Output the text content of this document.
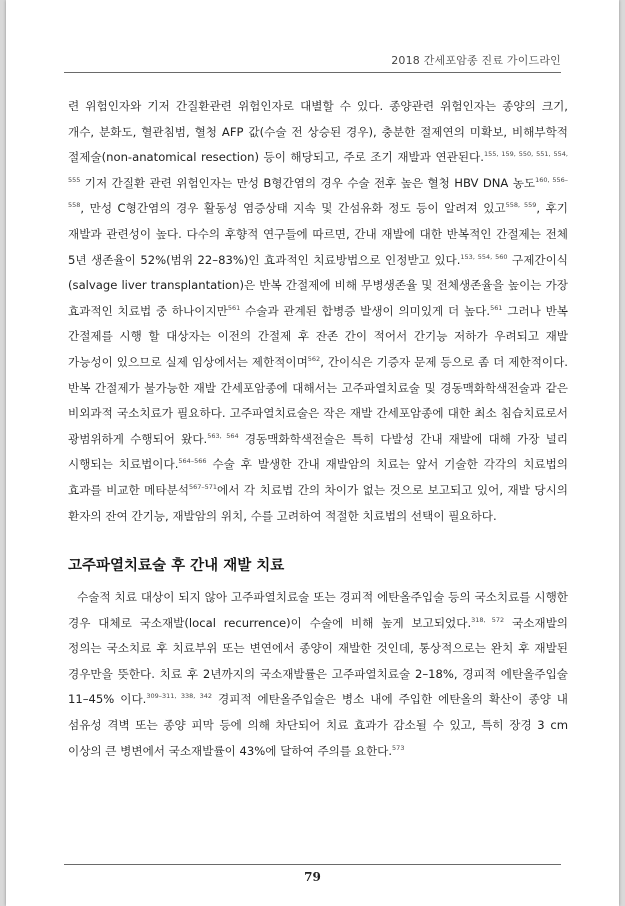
2018 간세포암종 진료 가이드라인

련 위험인자와 기저 간질환관련 위험인자로 대별할 수 있다. 종양관련 위험인자는 종양의 크기, 개수, 분화도, 혈관침범, 혈청 AFP 값(수술 전 상승된 경우), 충분한 절제연의 미확보, 비해부학적 절제술(non-anatomical resection) 등이 해당되고, 주로 조기 재발과 연관된다.$^{155, 159, 550, 551, 554, 555}$ 기저 간질환 관련 위험인자는 만성 B형간염의 경우 수술 전후 높은 혈청 HBV DNA 농도$^{160, 556-558}$, 만성 C형간염의 경우 활동성 염증상태 지속 및 간섬유화 정도 등이 알려져 있고$^{558, 559}$, 후기 재발과 관련성이 높다. 다수의 후향적 연구들에 따르면, 간내 재발에 대한 반복적인 간절제는 전체 5년 생존율이 52%(범위 22–83%)인 효과적인 치료방법으로 인정받고 있다.$^{153, 554, 560}$ 구제간이식(salvage liver transplantation)은 반복 간절제에 비해 무병생존율 및 전체생존율을 높이는 가장 효과적인 치료법 중 하나이지만$^{561}$ 수술과 관계된 합병증 발생이 의미있게 더 높다.$^{561}$ 그러나 반복 간절제를 시행 할 대상자는 이전의 간절제 후 잔존 간이 적어서 간기능 저하가 우려되고 재발 가능성이 있으므로 실제 임상에서는 제한적이며$^{562}$, 간이식은 기증자 문제 등으로 좀 더 제한적이다. 반복 간절제가 불가능한 재발 간세포암종에 대해서는 고주파열치료술 및 경동맥화학색전술과 같은 비외과적 국소치료가 필요하다. 고주파열치료술은 작은 재발 간세포암종에 대한 최소 침습치료로서 광범위하게 수행되어 왔다.$^{563, 564}$ 경동맥화학색전술은 특히 다발성 간내 재발에 대해 가장 널리 시행되는 치료법이다.$^{564-566}$ 수술 후 발생한 간내 재발암의 치료는 앞서 기술한 각각의 치료법의 효과를 비교한 메타분석$^{567-571}$에서 각 치료법 간의 차이가 없는 것으로 보고되고 있어, 재발 당시의 환자의 잔여 간기능, 재발암의 위치, 수를 고려하여 적절한 치료법의 선택이 필요하다.

고주파열치료술 후 간내 재발 치료

수술적 치료 대상이 되지 않아 고주파열치료술 또는 경피적 에탄올주입술 등의 국소치료를 시행한 경우 대체로 국소재발(local recurrence)이 수술에 비해 높게 보고되었다.$^{318, 572}$ 국소재발의 정의는 국소치료 후 치료부위 또는 변연에서 종양이 재발한 것인데, 통상적으로는 완치 후 재발된 경우만을 뜻한다. 치료 후 2년까지의 국소재발률은 고주파열치료술 2–18%, 경피적 에탄올주입술 11–45% 이다.$^{309-311, 338, 342}$ 경피적 에탄올주입술은 병소 내에 주입한 에탄올의 확산이 종양 내 섬유성 격벽 또는 종양 피막 등에 의해 차단되어 치료 효과가 감소될 수 있고, 특히 장경 3 cm 이상의 큰 병변에서 국소재발률이 43%에 달하여 주의를 요한다.$^{573}$

79
